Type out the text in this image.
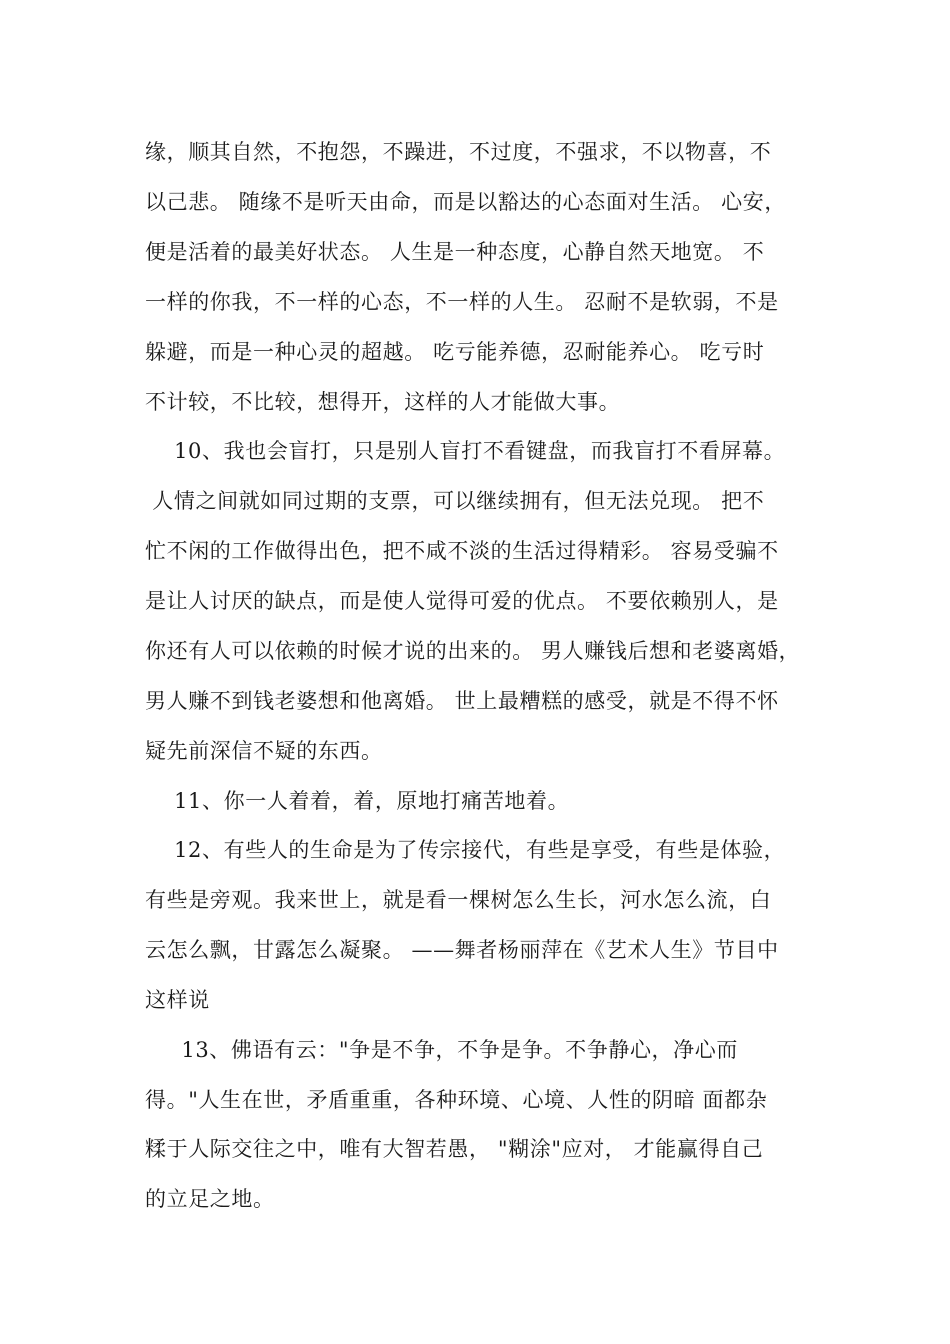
缘，顺其自然，不抱怨，不躁进，不过度，不强求，不以物喜，不
以己悲。 随缘不是听天由命，而是以豁达的心态面对生活。 心安，
便是活着的最美好状态。 人生是一种态度，心静自然天地宽。 不
一样的你我，不一样的心态，不一样的人生。 忍耐不是软弱，不是
躲避，而是一种心灵的超越。 吃亏能养德，忍耐能养心。 吃亏时
不计较，不比较，想得开，这样的人才能做大事。
10、我也会盲打，只是别人盲打不看键盘，而我盲打不看屏幕。
人情之间就如同过期的支票，可以继续拥有，但无法兑现。 把不
忙不闲的工作做得出色，把不咸不淡的生活过得精彩。 容易受骗不
是让人讨厌的缺点，而是使人觉得可爱的优点。 不要依赖别人，是
你还有人可以依赖的时候才说的出来的。 男人赚钱后想和老婆离婚，
男人赚不到钱老婆想和他离婚。 世上最糟糕的感受，就是不得不怀
疑先前深信不疑的东西。
11、你一人着着，着，原地打痛苦地着。
12、有些人的生命是为了传宗接代，有些是享受，有些是体验，
有些是旁观。我来世上，就是看一棵树怎么生长，河水怎么流，白
云怎么飘，甘露怎么凝聚。 ——舞者杨丽萍在《艺术人生》节目中
这样说
13、佛语有云："争是不争，不争是争。不争静心，净心而
得。"人生在世，矛盾重重，各种环境、心境、人性的阴暗 面都杂
糅于人际交往之中，唯有大智若愚， "糊涂"应对， 才能赢得自己
的立足之地。
